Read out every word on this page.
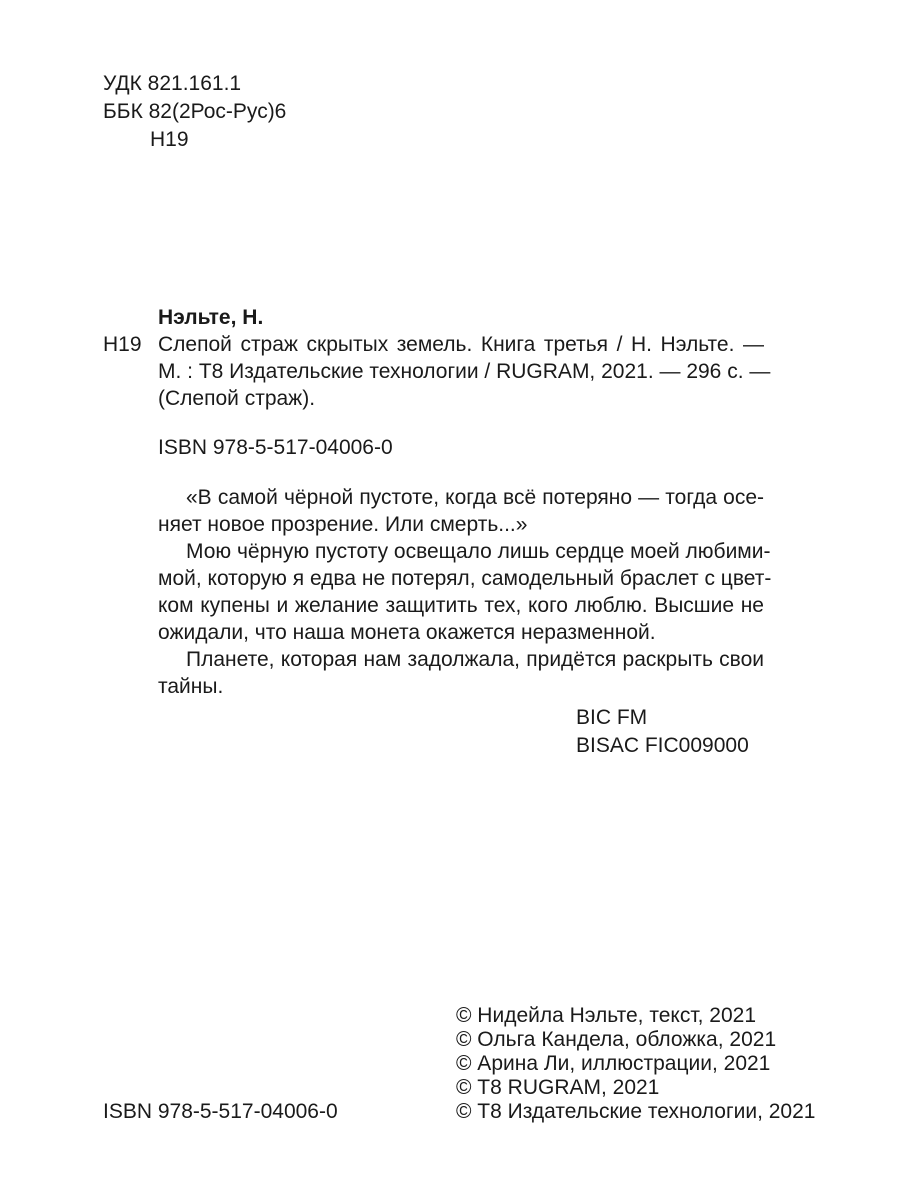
УДК 821.161.1
ББК 82(2Рос-Рус)6
Н19
Нэльте, Н.
Н19 Слепой страж скрытых земель. Книга третья / Н. Нэльте. —
М. : Т8 Издательские технологии / RUGRAM, 2021. — 296 с. —
(Слепой страж).
ISBN 978-5-517-04006-0
«В самой чёрной пустоте, когда всё потеряно — тогда осе-
няет новое прозрение. Или смерть...»
Мою чёрную пустоту освещало лишь сердце моей любими-
мой, которую я едва не потерял, самодельный браслет с цвет-
ком купены и желание защитить тех, кого люблю. Высшие не
ожидали, что наша монета окажется неразменной.
Планете, которая нам задолжала, придётся раскрыть свои
тайны.
BIC FM
BISAC FIC009000
© Нидейла Нэльте, текст, 2021
© Ольга Кандела, обложка, 2021
© Арина Ли, иллюстрации, 2021
© Т8 RUGRAM, 2021
© Т8 Издательские технологии, 2021
ISBN 978-5-517-04006-0
